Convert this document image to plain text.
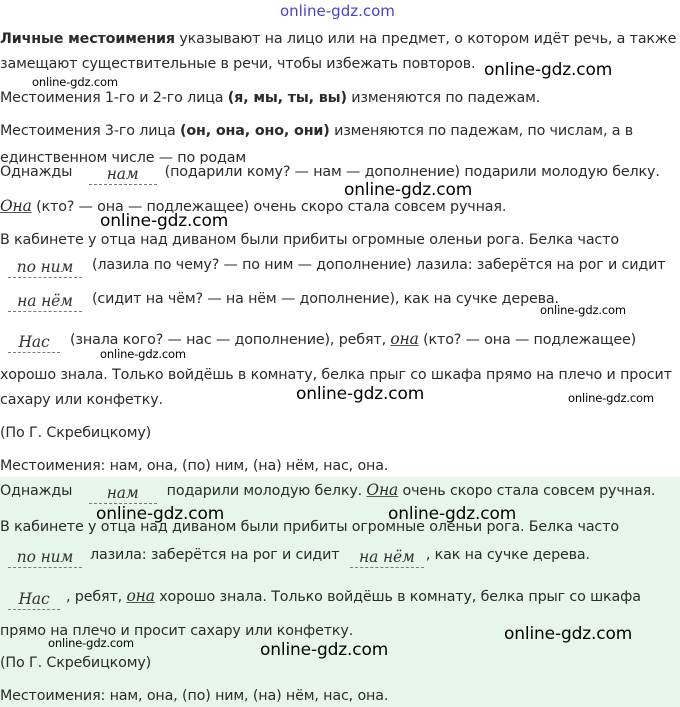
online-gdz.com
Личные местоимения указывают на лицо или на предмет, о котором идёт речь, а также
замещают существительные в речи, чтобы избежать повторов.
Местоимения 1-го и 2-го лица (я, мы, ты, вы) изменяются по падежам.
Местоимения 3-го лица (он, она, оно, они) изменяются по падежам, по числам, а в
единственном числе — по родам
Однажды нам (подарили кому? — нам — дополнение) подарили молодую белку.
Она (кто? — она — подлежащее) очень скоро стала совсем ручная.
В кабинете у отца над диваном были прибиты огромные оленьи рога. Белка часто
по ним (лазила по чему? — по ним — дополнение) лазила: заберётся на рог и сидит
на нём (сидит на чём? — на нём — дополнение), как на сучке дерева.
Нас (знала кого? — нас — дополнение), ребят, она (кто? — она — подлежащее)
хорошо знала. Только войдёшь в комнату, белка прыг со шкафа прямо на плечо и просит
сахару или конфетку.
(По Г. Скребицкому)
Местоимения: нам, она, (по) ним, (на) нём, нас, она.
Однажды нам подарили молодую белку. Она очень скоро стала совсем ручная.
В кабинете у отца над диваном были прибиты огромные оленьи рога. Белка часто
по ним лазила: заберётся на рог и сидит на нём , как на сучке дерева.
Нас , ребят, она хорошо знала. Только войдёшь в комнату, белка прыг со шкафа
прямо на плечо и просит сахару или конфетку.
(По Г. Скребицкому)
Местоимения: нам, она, (по) ним, (на) нём, нас, она.
online-gdz.com
online-gdz.com
online-gdz.com
online-gdz.com
online-gdz.com
online-gdz.com
online-gdz.com	online-gdz.com
online-gdz.com	online-gdz.com
online-gdz.com
online-gdz.com	online-gdz.com
